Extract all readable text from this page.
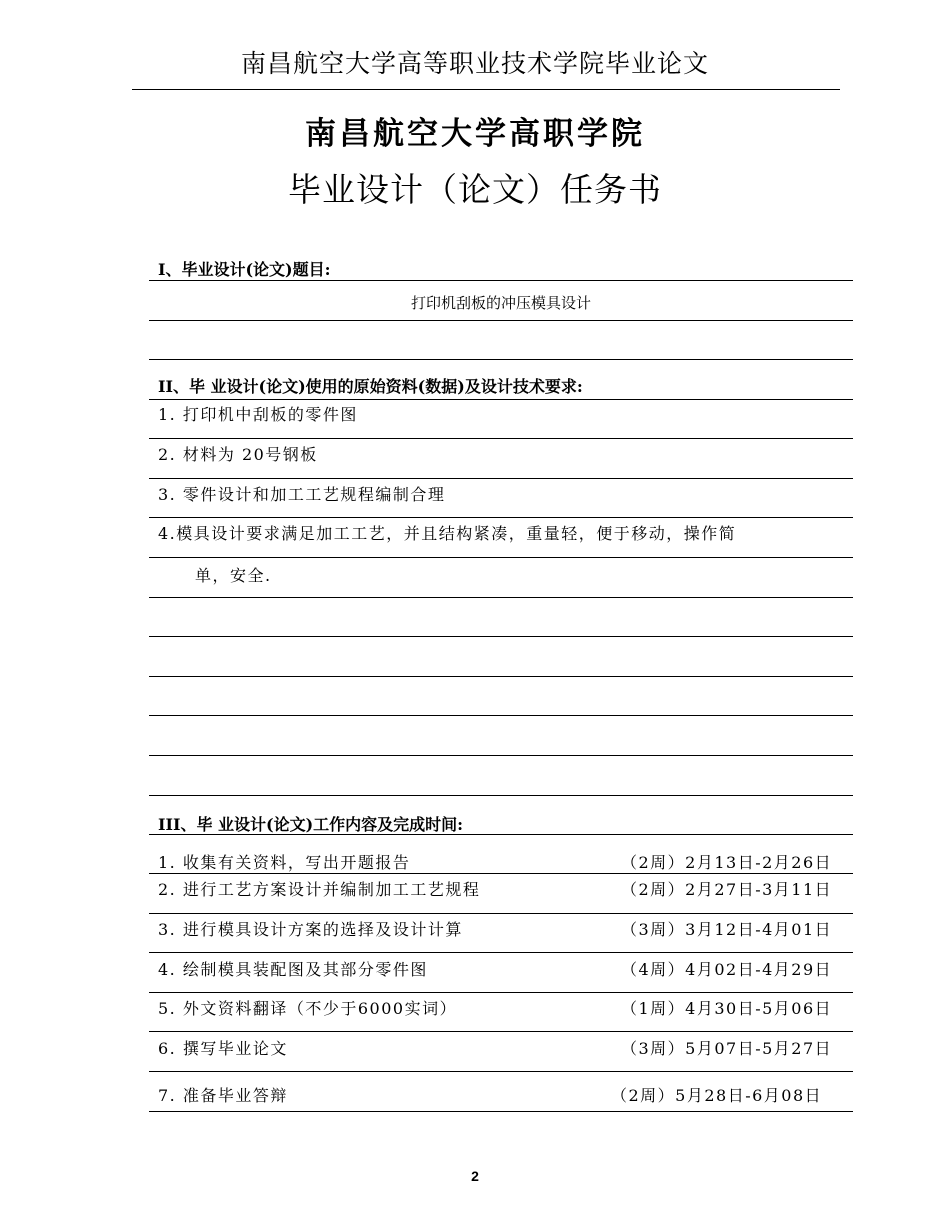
南昌航空大学高等职业技术学院毕业论文
南昌航空大学高职学院
毕业设计（论文）任务书
I、毕业设计(论文)题目:
打印机刮板的冲压模具设计
II、毕 业设计(论文)使用的原始资料(数据)及设计技术要求:
1. 打印机中刮板的零件图
2. 材料为 20号钢板
3. 零件设计和加工工艺规程编制合理
4.模具设计要求满足加工工艺，并且结构紧凑，重量轻，便于移动，操作简
单，安全.
III、毕 业设计(论文)工作内容及完成时间:
1. 收集有关资料，写出开题报告	（2周）2月13日-2月26日
2. 进行工艺方案设计并编制加工工艺规程	（2周）2月27日-3月11日
3. 进行模具设计方案的选择及设计计算	（3周）3月12日-4月01日
4. 绘制模具装配图及其部分零件图	（4周）4月02日-4月29日
5. 外文资料翻译（不少于6000实词）	（1周）4月30日-5月06日
6. 撰写毕业论文	（3周）5月07日-5月27日
7. 准备毕业答辩	（2周）5月28日-6月08日
2
